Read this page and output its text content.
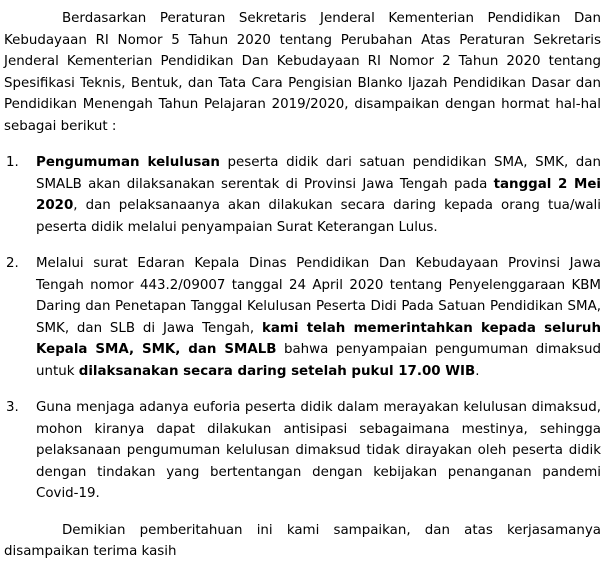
Berdasarkan Peraturan Sekretaris Jenderal Kementerian Pendidikan Dan Kebudayaan RI Nomor 5 Tahun 2020 tentang Perubahan Atas Peraturan Sekretaris Jenderal Kementerian Pendidikan Dan Kebudayaan RI Nomor 2 Tahun 2020 tentang Spesifikasi Teknis, Bentuk, dan Tata Cara Pengisian Blanko Ijazah Pendidikan Dasar dan Pendidikan Menengah Tahun Pelajaran 2019/2020, disampaikan dengan hormat hal-hal sebagai berikut :

1. Pengumuman kelulusan peserta didik dari satuan pendidikan SMA, SMK, dan SMALB akan dilaksanakan serentak di Provinsi Jawa Tengah pada tanggal 2 Mei 2020, dan pelaksanaanya akan dilakukan secara daring kepada orang tua/wali peserta didik melalui penyampaian Surat Keterangan Lulus.
2. Melalui surat Edaran Kepala Dinas Pendidikan Dan Kebudayaan Provinsi Jawa Tengah nomor 443.2/09007 tanggal 24 April 2020 tentang Penyelenggaraan KBM Daring dan Penetapan Tanggal Kelulusan Peserta Didi Pada Satuan Pendidikan SMA, SMK, dan SLB di Jawa Tengah, kami telah memerintahkan kepada seluruh Kepala SMA, SMK, dan SMALB bahwa penyampaian pengumuman dimaksud untuk dilaksanakan secara daring setelah pukul 17.00 WIB.
3. Guna menjaga adanya euforia peserta didik dalam merayakan kelulusan dimaksud, mohon kiranya dapat dilakukan antisipasi sebagaimana mestinya, sehingga pelaksanaan pengumuman kelulusan dimaksud tidak dirayakan oleh peserta didik dengan tindakan yang bertentangan dengan kebijakan penanganan pandemi Covid-19.

Demikian pemberitahuan ini kami sampaikan, dan atas kerjasamanya disampaikan terima kasih
